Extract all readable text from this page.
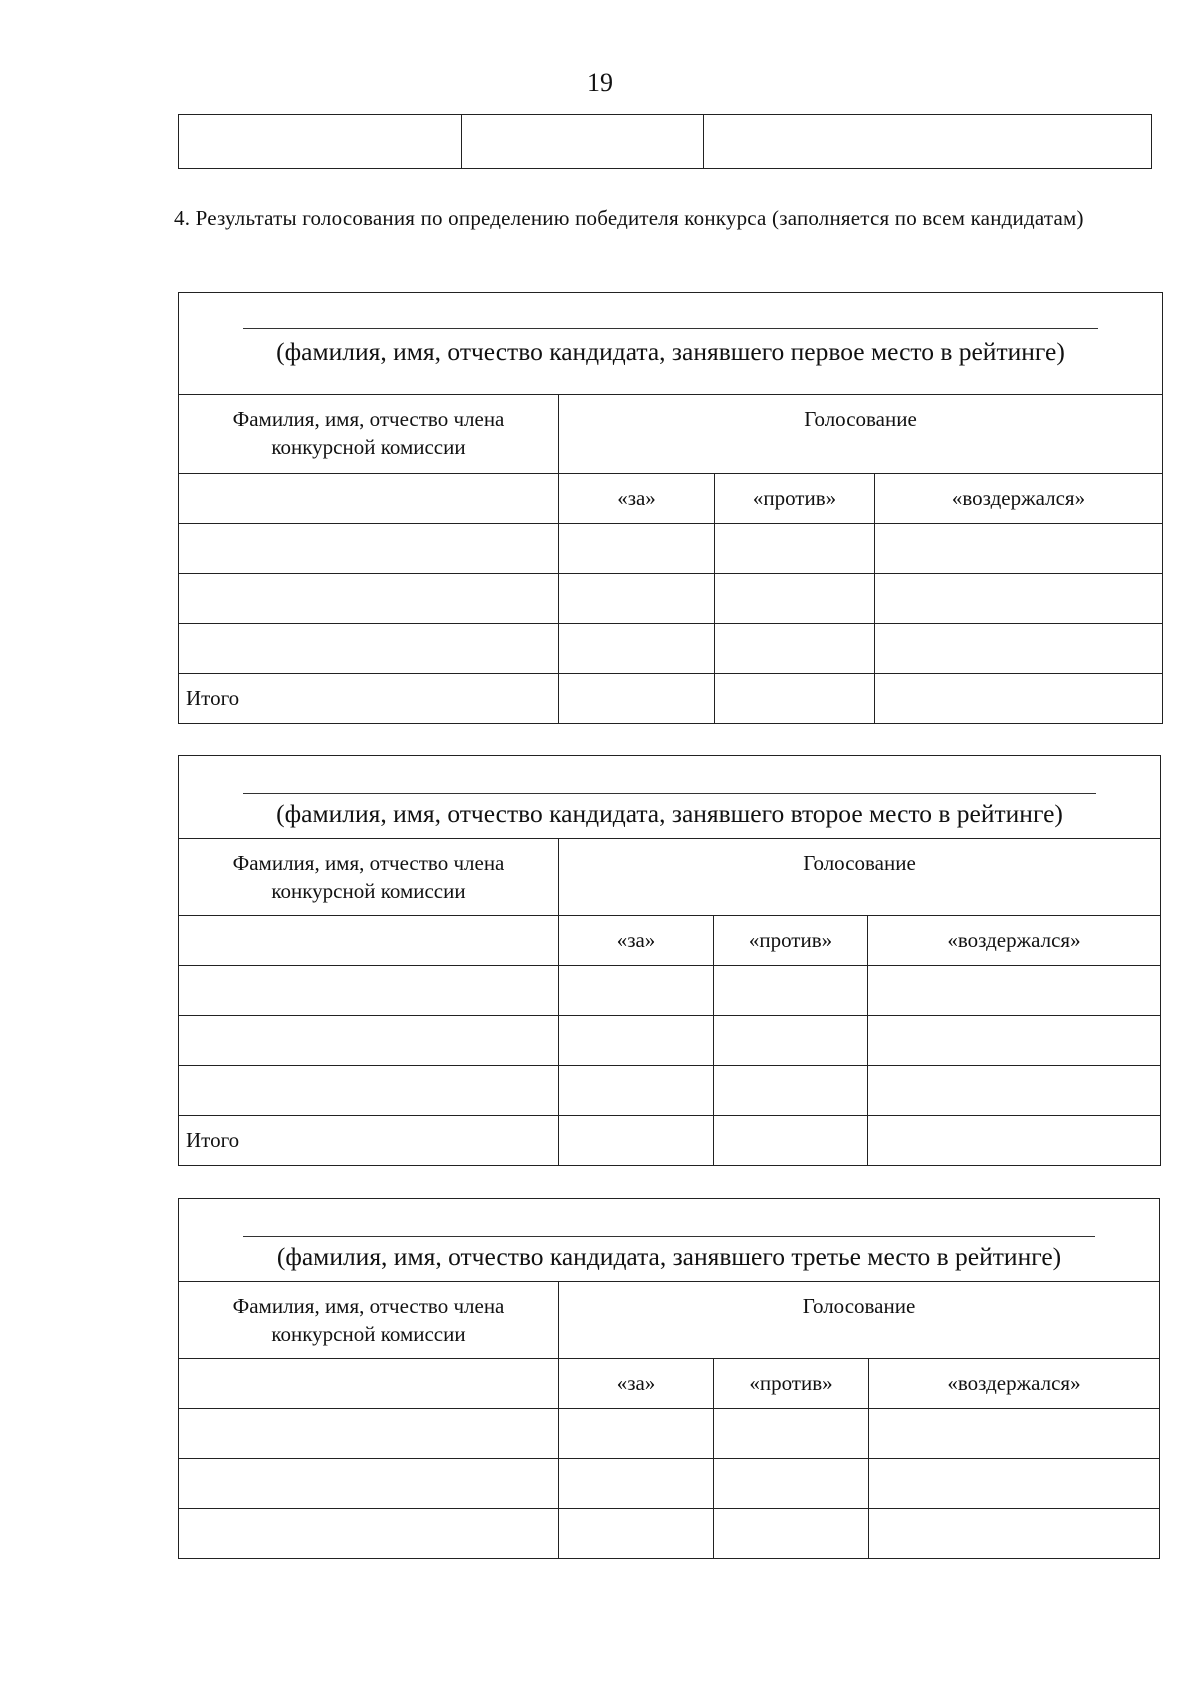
19

4. Результаты голосования по определению победителя конкурса (заполняется по всем кандидатам)
(фамилия, имя, отчество кандидата, занявшего первое место в рейтинге)			

Фамилия, имя, отчество члена конкурсной комиссии	Голосование		
	«за»	«против»	«воздержался»

Итого			
(фамилия, имя, отчество кандидата, занявшего второе место в рейтинге)			

Фамилия, имя, отчество члена конкурсной комиссии	Голосование		
	«за»	«против»	«воздержался»

Итого			
(фамилия, имя, отчество кандидата, занявшего третье место в рейтинге)			

Фамилия, имя, отчество члена конкурсной комиссии	Голосование		
	«за»	«против»	«воздержался»
